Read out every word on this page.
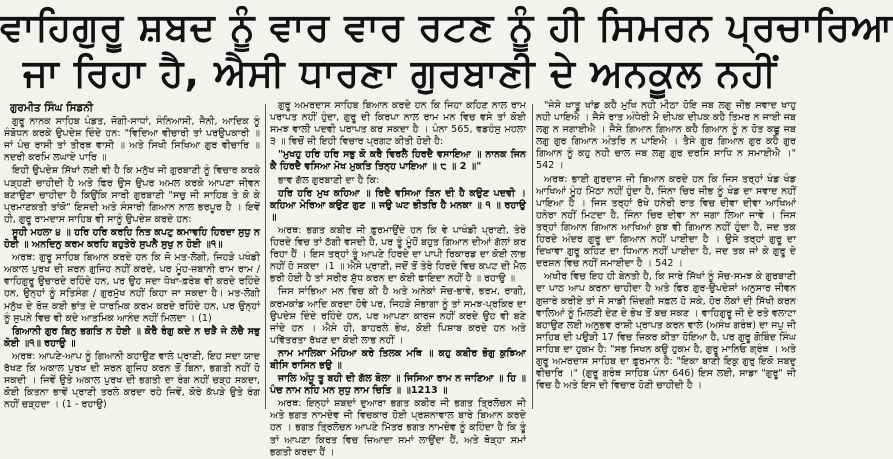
ਵਾਹਿਗੁਰੂ ਸ਼ਬਦ ਨੂੰ ਵਾਰ ਵਾਰ ਰਟਣ ਨੂੰ ਹੀ ਸਿਮਰਨ ਪ੍ਰਚਾਰਿਆ
ਜਾ ਰਿਹਾ ਹੈ, ਐਸੀ ਧਾਰਣਾ ਗੁਰਬਾਣੀ ਦੇ ਅਨਕੂਲ ਨਹੀਂ
ਗੁਰਮੀਤ ਸਿੰਘ ਸਿਡਨੀ

ਗੁਰੂ ਨਾਨਕ ਸਾਹਿਬ ਪੰਡਤ, ਜੋਗੀ-ਸਾਧਾਂ, ਸੰਨਿਆਸੀ, ਜੈਨੀ, ਆਦਿਕ ਨੂੰ ਸੰਬੋਧਨ ਕਰਕੇ ਉਪਦੇਸ਼ ਦਿੰਦੇ ਹਨ: "ਵਿਦਿਆ ਵੀਚਾਰੀ ਤਾਂ ਪਰਉਪਕਾਰੀ ॥ ਜਾਂ ਪੰਚ ਰਾਸੀ ਤਾਂ ਤੀਰਥ ਵਾਸੀ ॥ ਅਤੇ ਸਿਖੀ ਸਿਖਿਆ ਗੁਰ ਵੀਚਾਰਿ ॥ ਨਦਰੀ ਕਰਮਿ ਲਘਾਏ ਪਾਰਿ ॥

ਇਹੀ ਉਪਦੇਸ਼ ਸਿੱਖਾਂ ਲਈ ਵੀ ਹੈ ਕਿ ਮਨੁੱਖ ਜੀ ਗੁਰਬਾਣੀ ਨੂੰ ਵਿਚਾਰ ਕਰਕੇ ਪੜ੍ਹਣੀ ਚਾਹੀਦੀ ਹੈ ਅਤੇ ਫਿਰ ਉਸ ਉਪਰ ਅਮਲ ਕਰਕੇ ਆਪਣਾ ਜੀਵਨ ਬਣਾਉਣਾ ਚਾਹੀਦਾ ਹੈ ਕਿਉਂਕਿ ਸਾਰੀ ਗੁਰਬਾਣੀ "ਸਚੁ ਜੀ ਸਾਹਿਬ ਤੇ ਕੋ ਕੇ ਪ੍ਰਮਾਣਕਤੀ ਤਾਂਕੋ" ਇਸਦੀ ਅਤੇ ਸੰਸਾਰੀ ਗਿਆਨ ਨਾਲ ਭਰਪੂਰ ਹੈ । ਇਵੇਂ ਹੀ, ਗੁਰੂ ਰਾਮਦਾਸ ਸਾਹਿਬ ਵੀ ਸਾਨੂੰ ਉਪਦੇਸ਼ ਕਰਦੇ ਹਨ:

ਸੂਹੀ ਮਹਲਾ ੪ ॥ ਹਰਿ ਹਰਿ ਕਰਹਿ ਨਿਤ ਕਪਟੁ ਕਮਾਵਹਿ ਹਿਰਦਾ ਸੁਧੁ ਨ ਹੋਈ ॥ ਅਨਦਿਨੁ ਕਰਮ ਕਰਹਿ ਬਹੁਤੇਰੇ ਸੁਪਨੈ ਸੁਖੁ ਨ ਹੋਈ ॥੧॥

ਅਰਥ: ਗੁਰੂ ਸਾਹਿਬ ਬਿਆਨ ਕਰਦੇ ਹਨ ਕਿ ਜੋ ਮਤ-ਲੋਗੀ, ਜਿਹੜੇ ਪਖੰਡੀ ਅਕਾਲ ਪੁਰਖ ਦੀ ਸ਼ਰਨ ਗੁਜਿਹ ਨਹੀਂ ਕਰਦੇ, ਪਰ ਮੂੰਹ-ਜ਼ਬਾਨੀ ਰਾਮ ਰਾਮ / ਵਾਹਿਗੁਰੂ ਉਚਾਰਦੇ ਰਹਿੰਦੇ ਹਨ, ਪਰ ਉਹ ਸਦਾ ਧੋਖਾ-ਫ਼ਰੇਬ ਵੀ ਕਰਦੇ ਰਹਿੰਦੇ ਹਨ, ਉਨ੍ਹਾਂ ਨੂੰ ਸਤਿਸੰਗ / ਗੁਰਮੁੱਖ ਨਹੀਂ ਕਿਹਾ ਜਾ ਸਕਦਾ ਹੈ। ਮਤ-ਲੋਗੀ ਮਨੁੱਖ ਦੇ ਰੋਜ਼ ਕਈ ਭਾਂਤ ਦੇ ਧਾਰਮਿਕ ਕਰਮ ਕਰਦੇ ਰਹਿੰਦੇ ਹਨ, ਪਰ ਉਨ੍ਹਾਂ ਨੂੰ ਸੁਪਨੇ ਵਿਚ ਵੀ ਕਦੇ ਆਤਮਿਕ ਆਨੰਦ ਨਹੀਂ ਮਿਲਦਾ । (1)

ਗਿਆਨੀ ਗੁਰ ਬਿਨੁ ਭਗਤਿ ਨ ਹੋਈ ॥ ਕੋਰੈ ਰੰਗੁ ਕਦੇ ਨ ਚੜੈ ਜੇ ਲੋਚੈ ਸਭੁ ਕੋਈ ॥੧॥ ਰਹਾਉ ॥

ਅਰਥ: ਆਪਣੇ-ਆਪ ਨੂੰ ਗਿਆਨੀ ਕਹਾਉਣ ਵਾਲੇ ਪ੍ਰਾਣੀ, ਇਹ ਸਦਾ ਯਾਦ ਰੱਖਣ ਕਿ ਅਕਾਲ ਪੁਰਖ ਦੀ ਸ਼ਰਨ ਗੁਜਿਹ ਕਰਨ ਤੋਂ ਬਿਨਾ, ਭਗਤੀ ਨਹੀਂ ਹੋ ਸਕਦੀ । ਜਿਵੇਂ ਉਤੇ ਅਕਾਲ ਪੁਰਖ ਦੀ ਭਗਤੀ ਦਾ ਰੰਗ ਨਹੀਂ ਚੜ੍ਹ ਸਕਦਾ, ਕੋਈ ਕਿਤਨਾ ਭਾਵੇਂ ਪ੍ਰਾਣੀ ਤਰਲੇ ਕਰਦਾ ਰਹੇ ਜਿਵੇਂ, ਕੋਰੇ ਕੱਪੜੇ ਉਤੇ ਰੰਗ ਨਹੀਂ ਚੜ੍ਹਦਾ । (1 - ਰਹਾਉ)

ਗੁਰੂ ਅਮਰਦਾਸ ਸਾਹਿਬ ਬਿਆਨ ਕਰਦੇ ਹਨ ਕਿ ਜਿਹਾ ਕਹਿਣ ਨਾਲ ਰਾਮ ਪਰਾਪਤ ਨਹੀਂ ਹੁੰਦਾ, ਗੁਰੂ ਦੀ ਕਿਰਪਾ ਨਾਲ ਰਾਮ ਮਨ ਵਿਚ ਵਸੇ ਤਾਂ ਕੋਈ ਸਮਝ ਵਾਲੀ ਪਦਵੀ ਪਰਾਪਤ ਕਰ ਸਕਦਾ ਹੈ । ਪੰਨਾ 565, ਵਡਹੰਸੁ ਮਹਲਾ ੩ ॥ ਵਿਚੋਂ ਜ਼ੀ ਇਹੀ ਵਿਚਾਰ ਪ੍ਰਗਟ ਕੀਤੀ ਹੋਈ ਹੈ:

"ਮੁਖਹੁ ਹਰਿ ਹਰਿ ਸਭੁ ਕੋ ਕਰੈ ਵਿਰਲੈ ਹਿਰਦੈ ਵਸਾਇਆ ॥ ਨਾਨਕ ਜਿਨ ਕੈ ਹਿਰਦੈ ਵਸਿਆ ਮੋਖ ਮੁਕਤਿ ਤਿਨ੍ਹ ਪਾਇਆ ॥ ੮ ॥ 2 ॥"

ਭਾਵ ਗੱਲ ਗੁਰਬਾਣੀ ਦਾ ਹੈ ਕਿ:

ਹਰਿ ਹਰਿ ਮੁਖ ਕਹਿਆ ॥ ਰਿਦੈ ਵਸਿਆ ਤਿਨ ਦੀ ਹੈ ਕਉਣ ਪਦਵੀ । ਕਹਿਆ ਮੇਰਿਆ ਕਉਣ ਗੁਣ ॥ ਜਉ ਘਟ ਭੀਤਰਿ ਹੈ ਮਨਕਾ ॥ ੧ ॥ ਰਹਾਉ ॥

ਅਰਥ: ਭਗਤ ਕਬੀਰ ਜੀ ਫ਼ੁਰਮਾਉਂਦੇ ਹਨ ਕਿ ਵੇ ਪਾਖੰਡੀ ਪ੍ਰਾਣੀ, ਤੇਰੇ ਹਿਰਦੇ ਵਿਚ ਤਾਂ ਠੱਗੀ ਵਸਦੀ ਹੈ, ਪਰ ਤੂੰ ਮੂੰਹੋਂ ਬਹੁਤ ਗਿਆਨ ਦੀਆਂ ਗੱਲਾਂ ਕਰ ਰਿਹਾ ਹੈਂ । ਇਸ ਤਰ੍ਹਾਂ ਤੂੰ ਆਪਣੇ ਹਿਰਦੇ ਦਾ ਪਾਪੀ ਰਿਕਾਰਡ ਦਾ ਕੋਈ ਲਾਭ ਨਹੀਂ ਹੋ ਸਕਦਾ ।1 ॥ ਐਸੇ ਪ੍ਰਾਣੀ, ਜਦੋਂ ਤੋਂ ਤੇਰੇ ਹਿਰਦੇ ਵਿਚ ਕਪਟ ਦੀ ਮੈਲ ਭਰੀ ਹੋਈ ਹੈ ਤਾਂ ਸਰੀਰ ਸ਼ੁੱਧ ਕਰਨ ਦਾ ਕੋਈ ਫਾਇਦਾ ਨਹੀਂ ਹੈ ॥ ਰਹਾਉ ॥

ਜਿਸ ਸਾਂਭਿਆ ਮਨ ਵਿਚ ਕੀ ਹੈ ਅਤੇ ਅਨੇਕਾਂ ਸੋਚ-ਭਾਵੇ, ਭਰਮ, ਰਾਗੀ, ਕਰਮਕਾਂਡ ਆਦਿ ਕਰਦਾ ਹੋਵੇ ਪਰ, ਜਿਹੜੇ ਸੋਭਾਗਾ ਨੂੰ ਤਾਂ ਸਮਝ-ਪ੍ਰਕਿਰ ਦਾ ਉਪਦੇਸ਼ ਦਿੰਦੇ ਰਹਿੰਦੇ ਹਨ, ਪਰ ਆਪਣਾ ਕਾਰਜ ਨਹੀਂ ਕਰਦੇ ਉਹ ਵੀ ਬਣੇ ਜਾਂਦੇ ਹਨ । ਐਸੇ ਹੀ, ਬਾਹਰਲੇ ਭੇਖ, ਕੋਈ ਪਿਸ਼ਾਬ ਕਰਦੇ ਹਨ ਅਤੇ ਪਵਿੱਤਰਤਾ ਰੱਖਣ ਦਾ ਕੋਈ ਲਾਭ ਨਹੀਂ ।

ਨਾਮ ਮਾਲਿਕਾ ਮੋਹਿਆ ਕਰੇ ਤਿਲਕ ਮਥਿ ॥ ਕਹੁ ਕਬੀਰ ਭੋਗੁ ਕੁਝਿਆ ਬੀਸਿ ਰਾਸਿਨ ਭਉ ॥

ਜਾਲਿ ਅੰਧੂ ਤੂ ਬਹੀ ਦੀ ਗੱਲ ਬੋਲਾ ॥ ਜਿਸਿਆ ਰਾਮ ਨ ਜਾਣਿਆ ॥ ਹਿ ॥ ਪੰਚ ਨਾਮ ਨਹਿ ਮਨ ਸੁਧੁ ਨਾਮ ਚਿਤਿ ॥ ॥1213 ॥

ਅਰਥ: ਇਨ੍ਹਾਂ ਸ਼ਬਦਾਂ ਦੁਆਰਾ ਭਗਤ ਕਬੀਰ ਜੀ ਭਗਤ ਤ੍ਰਿਲੋਚਨ ਜੀ ਅਤੇ ਭਗਤ ਨਾਮਦੇਵ ਜੀ ਵਿਚਕਾਰ ਹੋਈ ਪ੍ਰਸ਼ਨਾਵਾਲ ਬਾਰੇ ਬਿਆਨ ਕਰਦੇ ਹਨ । ਭਗਤ ਤ੍ਰਿਲੋਚਨ ਆਪਣੇ ਮਿੱਤਰ ਭਗਤ ਨਾਮਦੇਵ ਨੂੰ ਕਹਿੰਦਾ ਹੈ ਕਿ ਤੂੰ ਤਾਂ ਆਪਣਾ ਕਿਰਤ ਵਿਚ ਜ਼ਿਆਦਾ ਸਮਾਂ ਲਾਉਂਦਾ ਹੈਂ, ਅਤੇ ਥੋੜ੍ਹਾ ਸਮਾਂ ਭਗਤੀ ਕਰਦਾ ਹੈਂ ।

"ਜੇਸੇ ਖਾਤੂ ਖਾਂਡ ਕਹੈ ਮੁਖਿ ਨਹੀ ਮੀਠਾ ਹੋਇ ਜਬ ਲਗੁ ਜੀਭ ਸਵਾਦ ਖਾਹੁ ਨਹੀ ਪਾਇਐ । ਜੈਸੇ ਰਾਤ ਅੰਧੇਰੀ ਮੈ ਦੀਪਕ ਦੀਪਕ ਕਹੈ ਤਿਮਰ ਨ ਜਾਈ ਜਬ ਲਗੁ ਨ ਜਗਾਈਐ । ਜੈਸੇ ਗਿਆਨ ਗਿਆਨ ਕਹੈ ਗਿਆਨ ਨੂੰ ਨ ਹੋਤ ਕਛੂ ਜਬ ਲਗੁ ਗੁਰ ਗਿਆਨ ਅੰਤਰਿ ਨ ਪਾਇਐ । ਤੈਸੇ ਗੁਰ ਗਿਆਨ ਗੁਰ ਕਹੈ ਗੁਰ ਗਿਆਨ ਨੂੰ ਕਹੁ ਨਹੀ ਚਾਲ ਜਬ ਲਗੁ ਗੁਰ ਦਰਸਿ ਸਾਧਿ ਨ ਸਮਾਈਐ ।" 542 ।

ਅਰਥ: ਭਾਈ ਗੁਰਦਾਸ ਜੀ ਬਿਆਨ ਕਰਦੇ ਹਨ ਕਿ ਜਿਸ ਤਰ੍ਹਾਂ ਖੰਡ ਖੰਡ ਆਖਿਆਂ ਮੂੰਹ ਮਿੱਠਾ ਨਹੀਂ ਹੁੰਦਾ ਹੈ, ਜਿੰਨਾ ਚਿਰ ਜੀਭ ਨੂੰ ਖੰਡ ਦਾ ਸਵਾਦ ਨਹੀਂ ਪਾਇਆ ਹੈ । ਜਿਸ ਤਰ੍ਹਾਂ ਰੱਖੇ ਹਨੇਰੀ ਰਾਤ ਵਿਚ ਦੀਵਾ ਦੀਵਾ ਆਖਿਆਂ ਹਨੇਰਾ ਨਹੀਂ ਮਿਟਦਾ ਹੈ, ਜਿੰਨਾ ਚਿਰ ਦੀਵਾ ਨਾ ਜਗਾ ਲਿਆ ਜਾਵੇ । ਜਿਸ ਤਰ੍ਹਾਂ ਗਿਆਨ ਗਿਆਨ ਆਖਿਆਂ ਕੁਝ ਵੀ ਗਿਆਨ ਨਹੀਂ ਹੁੰਦਾ ਹੈ, ਜਦ ਤਕ ਹਿਰਦੇ ਅੰਦਰ ਗੁਰੂ ਦਾ ਗਿਆਨ ਨਹੀਂ ਪਾਈਦਾ ਹੈ । ਉਸੇ ਤਰ੍ਹਾਂ ਗੁਰੂ ਦਾ ਦਿਖਾਵਾ ਗੁਰੂ ਕਹਿਣ ਦਾ ਧਿਆਨ ਨਹੀਂ ਪਾਈਦਾ ਹੈ, ਜਦ ਤਕ ਜਾਂ ਕੇ ਗੁਰੂ ਦੇ ਦਰਸ਼ਨ ਵਿਚ ਨਹੀਂ ਸਮਾਈਦਾ ਹੈ । 542 ।

ਅਖੀਰ ਵਿਚ ਇਹ ਹੀ ਬੇਨਤੀ ਹੈ, ਕਿ ਸਾਰੇ ਸਿੱਖਾਂ ਨੂੰ ਸੋਚ-ਸਮਝ ਕੇ ਗੁਰਬਾਣੀ ਦਾ ਪਾਠ ਆਪ ਕਰਨਾ ਚਾਹੀਦਾ ਹੈ ਅਤੇ ਫਿਰ ਗੁਰ-ਉਪਦੇਸ਼ਾਂ ਅਨੁਸਾਰ ਜੀਵਨ ਗੁਜ਼ਾਰੇ ਕਰੀਏ ਤਾਂ ਜੋ ਸਾਡੀ ਜ਼ਿੰਦਗੀ ਸਫ਼ਲ ਹੋ ਸਕੇ, ਹੋਰ ਲੋਕਾਂ ਦੀ ਸਿੱਖੀ ਕਰਨ ਵਾਲਿਆਂ ਨੂੰ ਮਿਲਣੀ ਦੇਣ ਦੇ ਭੇਖ ਤੋਂ ਬਚ ਸਕਣ । ਵਾਹਿਗੁਰੂ ਜੀ ਦੇ ਰਤੇ ਵਲਾਟਾ ਬਹਾਉਣ ਲਈ ਅਨੁਭਵ ਰਾਸ਼ੀ ਪ੍ਰਾਪਤ ਕਰਨ ਵਾਲੇ (ਅਸੰਖ ਗਰੰਥ) ਦਾ ਜਪੁ ਜੀ ਸਾਹਿਬ ਦੀ ਪਉੜੀ 17 ਵਿਚ ਜ਼ਿਕਰ ਕੀਤਾ ਹੋਇਆ ਹੈ, ਪਰ ਗੁਰੂ ਗੋਬਿੰਦ ਸਿੰਘ ਸਾਹਿਬ ਦਾ ਹੁਕਮ ਹੈ: "ਸਭ ਸਿਖਨ ਕਉ ਹੁਕਮ ਹੈ, ਗੁਰੂ ਮਾਨਿਓ ਗ੍ਰੰਥ । ਅਤੇ ਗੁਰੂ ਅਮਰਦਾਸ ਸਾਹਿਬ ਦਾ ਫ਼ੁਰਮਾਨ ਹੈ: "ਇਕਾ ਬਾਣੀ ਇਕੁ ਗੁਰੁ ਇਕੋ ਸਬਦੁ ਵੀਚਾਰਿ ।" (ਗੁਰੂ ਗਰੰਥ ਸਾਹਿਬ ਪੰਨਾ 646) ਇਸ ਲਈ, ਸਾਡਾ "ਗੁਰੂ" ਜੀ ਵਿਚ ਹੈ ਅਤੇ ਇਸ ਦੀ ਵਿਚਾਰ ਹੋਣੀ ਚਾਹੀਦੀ ਹੈ ।
